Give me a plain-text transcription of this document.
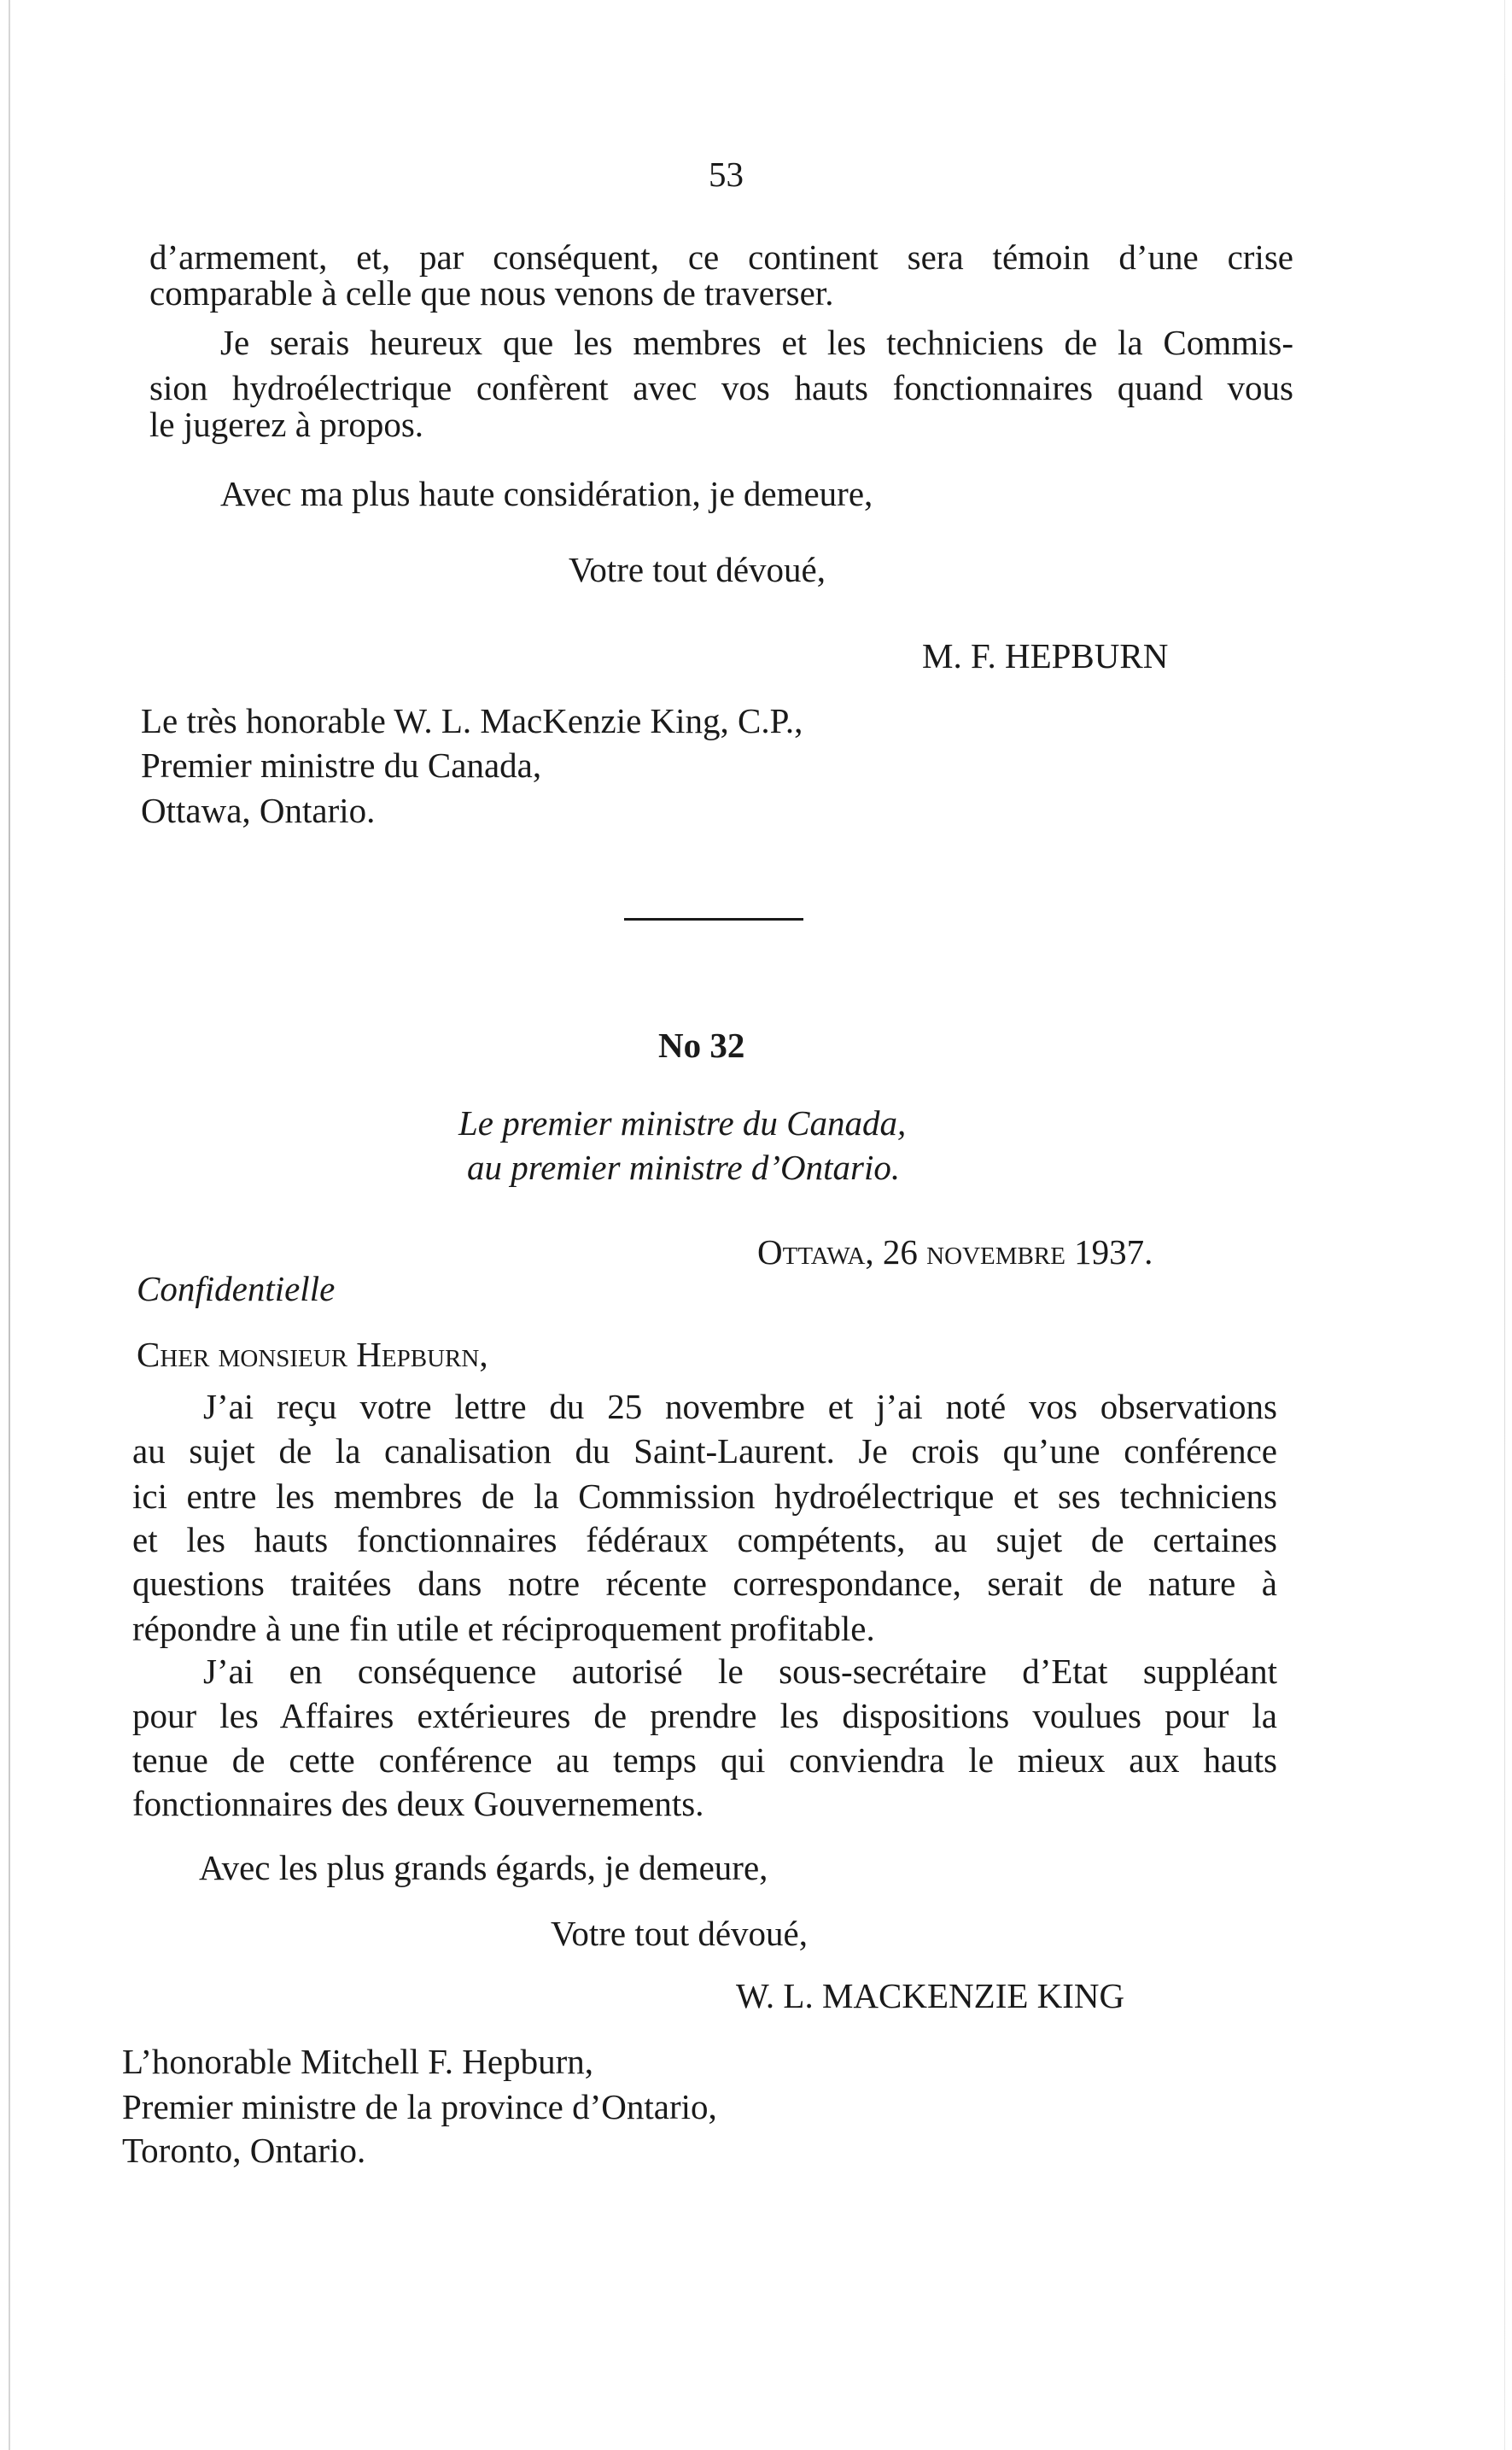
53
d’armement, et, par conséquent, ce continent sera témoin d’une crise
comparable à celle que nous venons de traverser.
Je serais heureux que les membres et les techniciens de la Commis-
sion hydroélectrique confèrent avec vos hauts fonctionnaires quand vous
le jugerez à propos.
Avec ma plus haute considération, je demeure,
Votre tout dévoué,
M. F. HEPBURN
Le très honorable W. L. MacKenzie King, C.P.,
Premier ministre du Canada,
Ottawa, Ontario.
No 32
Le premier ministre du Canada,
au premier ministre d’Ontario.
Ottawa, 26 novembre 1937.
Confidentielle
Cher monsieur Hepburn,
J’ai reçu votre lettre du 25 novembre et j’ai noté vos observations
au sujet de la canalisation du Saint-Laurent. Je crois qu’une conférence
ici entre les membres de la Commission hydroélectrique et ses techniciens
et les hauts fonctionnaires fédéraux compétents, au sujet de certaines
questions traitées dans notre récente correspondance, serait de nature à
répondre à une fin utile et réciproquement profitable.
J’ai en conséquence autorisé le sous-secrétaire d’Etat suppléant
pour les Affaires extérieures de prendre les dispositions voulues pour la
tenue de cette conférence au temps qui conviendra le mieux aux hauts
fonctionnaires des deux Gouvernements.
Avec les plus grands égards, je demeure,
Votre tout dévoué,
W. L. MACKENZIE KING
L’honorable Mitchell F. Hepburn,
Premier ministre de la province d’Ontario,
Toronto, Ontario.
